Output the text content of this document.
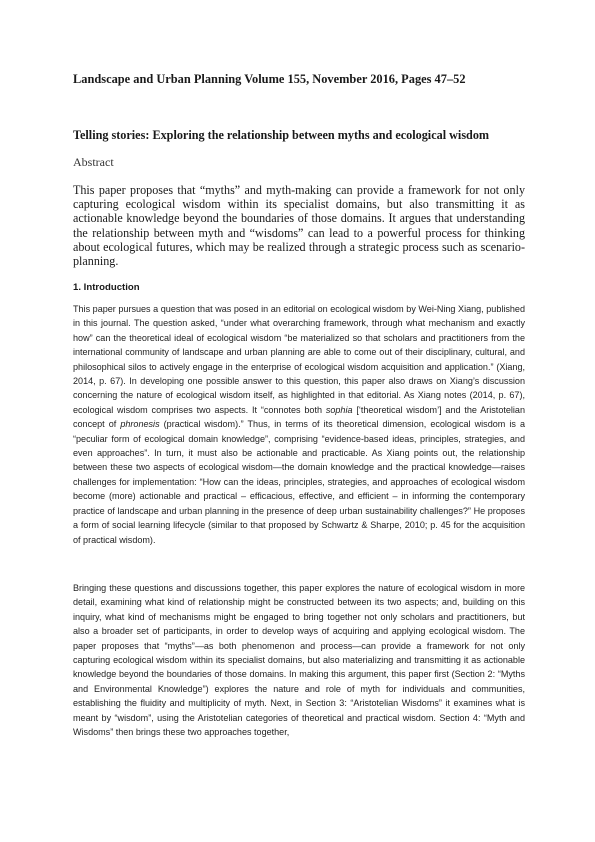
Landscape and Urban Planning Volume 155, November 2016, Pages 47–52
Telling stories: Exploring the relationship between myths and ecological wisdom
Abstract
This paper proposes that “myths” and myth-making can provide a framework for not only capturing ecological wisdom within its specialist domains, but also transmitting it as actionable knowledge beyond the boundaries of those domains. It argues that understanding the relationship between myth and “wisdoms” can lead to a powerful process for thinking about ecological futures, which may be realized through a strategic process such as scenario-planning.
1. Introduction
This paper pursues a question that was posed in an editorial on ecological wisdom by Wei-Ning Xiang, published in this journal. The question asked, “under what overarching framework, through what mechanism and exactly how” can the theoretical ideal of ecological wisdom “be materialized so that scholars and practitioners from the international community of landscape and urban planning are able to come out of their disciplinary, cultural, and philosophical silos to actively engage in the enterprise of ecological wisdom acquisition and application.” (Xiang, 2014, p. 67). In developing one possible answer to this question, this paper also draws on Xiang’s discussion concerning the nature of ecological wisdom itself, as highlighted in that editorial. As Xiang notes (2014, p. 67), ecological wisdom comprises two aspects. It “connotes both sophia [‘theoretical wisdom’] and the Aristotelian concept of phronesis (practical wisdom).” Thus, in terms of its theoretical dimension, ecological wisdom is a “peculiar form of ecological domain knowledge”, comprising “evidence-based ideas, principles, strategies, and even approaches”. In turn, it must also be actionable and practicable. As Xiang points out, the relationship between these two aspects of ecological wisdom—the domain knowledge and the practical knowledge—raises challenges for implementation: “How can the ideas, principles, strategies, and approaches of ecological wisdom become (more) actionable and practical – efficacious, effective, and efficient – in informing the contemporary practice of landscape and urban planning in the presence of deep urban sustainability challenges?” He proposes a form of social learning lifecycle (similar to that proposed by Schwartz & Sharpe, 2010; p. 45 for the acquisition of practical wisdom).
Bringing these questions and discussions together, this paper explores the nature of ecological wisdom in more detail, examining what kind of relationship might be constructed between its two aspects; and, building on this inquiry, what kind of mechanisms might be engaged to bring together not only scholars and practitioners, but also a broader set of participants, in order to develop ways of acquiring and applying ecological wisdom. The paper proposes that “myths”—as both phenomenon and process—can provide a framework for not only capturing ecological wisdom within its specialist domains, but also materializing and transmitting it as actionable knowledge beyond the boundaries of those domains. In making this argument, this paper first (Section 2: “Myths and Environmental Knowledge”) explores the nature and role of myth for individuals and communities, establishing the fluidity and multiplicity of myth. Next, in Section 3: “Aristotelian Wisdoms” it examines what is meant by “wisdom”, using the Aristotelian categories of theoretical and practical wisdom. Section 4: “Myth and Wisdoms” then brings these two approaches together,
